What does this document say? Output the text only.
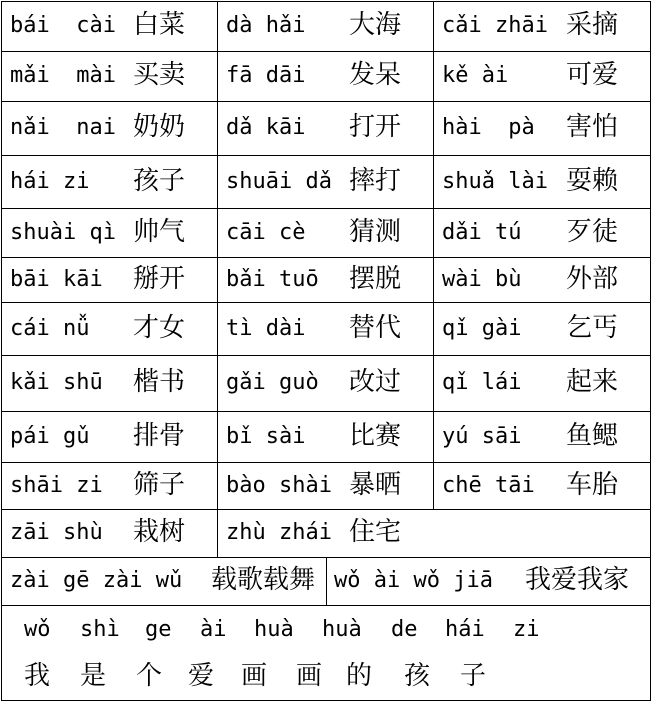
bái  cài 白菜 dà hǎi 大海 cǎi zhāi 采摘
mǎi  mài 买卖 fā dāi 发呆 kě ài 可爱
nǎi  nai 奶奶 dǎ kāi 打开 hài  pà 害怕
hái zi 孩子 shuāi dǎ 摔打 shuǎ lài 耍赖
shuài qì 帅气 cāi cè 猜测 dǎi tú 歹徒
bāi kāi 掰开 bǎi tuō 摆脱 wài bù 外部
cái nǚ 才女 tì dài 替代 qǐ gài 乞丐
kǎi shū 楷书 gǎi guò 改过 qǐ lái 起来
pái gǔ 排骨 bǐ sài 比赛 yú sāi 鱼鳃
shāi zi 筛子 bào shài 暴晒 chē tāi 车胎
zāi shù 栽树 zhù zhái 住宅
zài gē zài wǔ 载歌载舞 wǒ ài wǒ jiā 我爱我家
wǒ shì ge ài huà huà de hái zi
我 是 个 爱 画 画 的 孩 子
